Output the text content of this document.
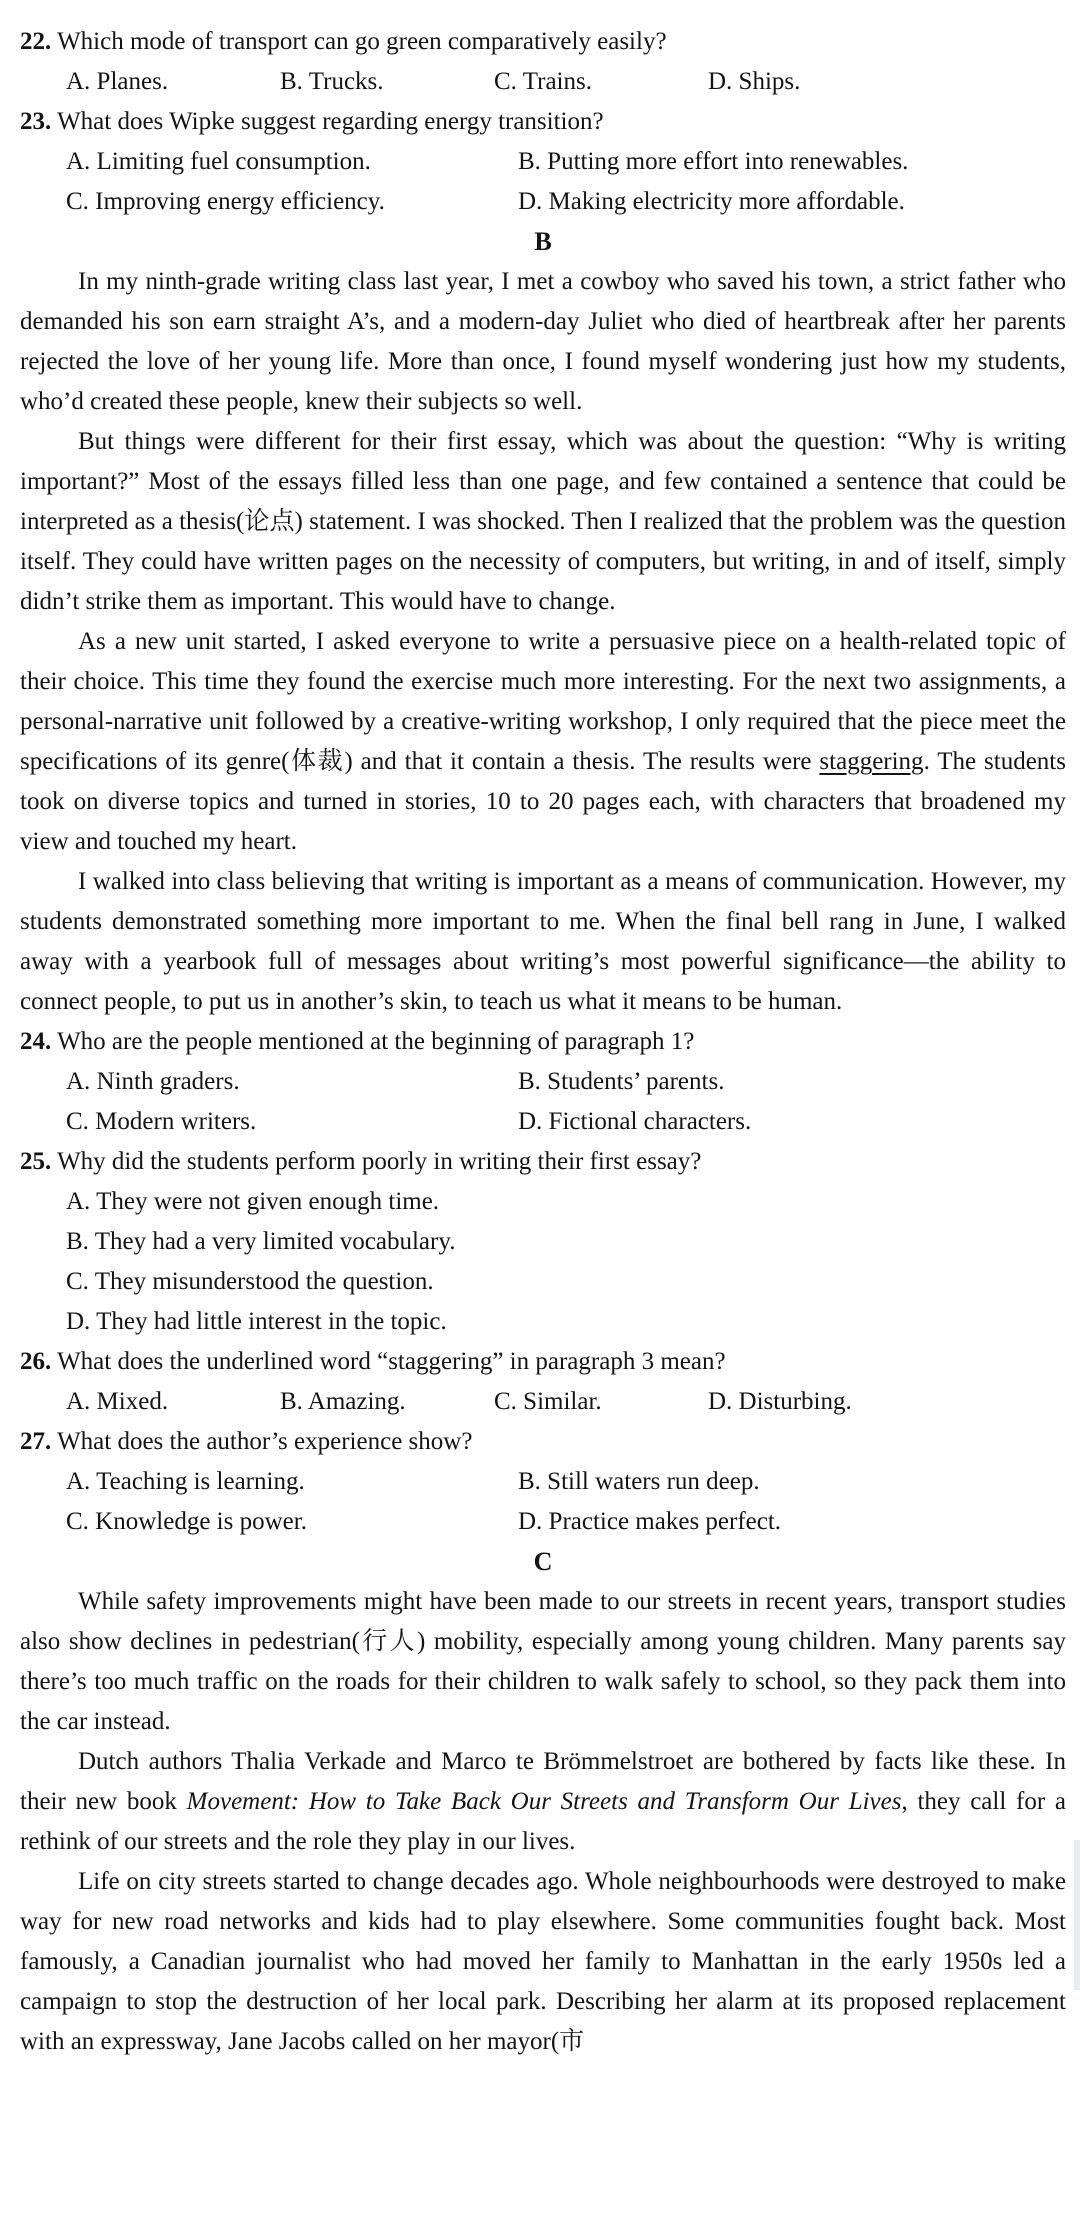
22. Which mode of transport can go green comparatively easily?
A. Planes.	B. Trucks.	C. Trains.	D. Ships.
23. What does Wipke suggest regarding energy transition?
A. Limiting fuel consumption.	B. Putting more effort into renewables.
C. Improving energy efficiency.	D. Making electricity more affordable.
B

In my ninth-grade writing class last year, I met a cowboy who saved his town, a strict father who demanded his son earn straight A’s, and a modern-day Juliet who died of heartbreak after her parents rejected the love of her young life. More than once, I found myself wondering just how my students, who’d created these people, knew their subjects so well.

But things were different for their first essay, which was about the question: “Why is writing important?” Most of the essays filled less than one page, and few contained a sentence that could be interpreted as a thesis(论点) statement. I was shocked. Then I realized that the problem was the question itself. They could have written pages on the necessity of computers, but writing, in and of itself, simply didn’t strike them as important. This would have to change.

As a new unit started, I asked everyone to write a persuasive piece on a health-related topic of their choice. This time they found the exercise much more interesting. For the next two assignments, a personal-narrative unit followed by a creative-writing workshop, I only required that the piece meet the specifications of its genre(体裁) and that it contain a thesis. The results were staggering. The students took on diverse topics and turned in stories, 10 to 20 pages each, with characters that broadened my view and touched my heart.

I walked into class believing that writing is important as a means of communication. However, my students demonstrated something more important to me. When the final bell rang in June, I walked away with a yearbook full of messages about writing’s most powerful significance—the ability to connect people, to put us in another’s skin, to teach us what it means to be human.

24. Who are the people mentioned at the beginning of paragraph 1?
A. Ninth graders.	B. Students’ parents.
C. Modern writers.	D. Fictional characters.
25. Why did the students perform poorly in writing their first essay?
A. They were not given enough time.
B. They had a very limited vocabulary.
C. They misunderstood the question.
D. They had little interest in the topic.
26. What does the underlined word “staggering” in paragraph 3 mean?
A. Mixed.	B. Amazing.	C. Similar.	D. Disturbing.
27. What does the author’s experience show?
A. Teaching is learning.	B. Still waters run deep.
C. Knowledge is power.	D. Practice makes perfect.
C

While safety improvements might have been made to our streets in recent years, transport studies also show declines in pedestrian(行人) mobility, especially among young children. Many parents say there’s too much traffic on the roads for their children to walk safely to school, so they pack them into the car instead.

Dutch authors Thalia Verkade and Marco te Brömmelstroet are bothered by facts like these. In their new book Movement: How to Take Back Our Streets and Transform Our Lives, they call for a rethink of our streets and the role they play in our lives.

Life on city streets started to change decades ago. Whole neighbourhoods were destroyed to make way for new road networks and kids had to play elsewhere. Some communities fought back. Most famously, a Canadian journalist who had moved her family to Manhattan in the early 1950s led a campaign to stop the destruction of her local park. Describing her alarm at its proposed replacement with an expressway, Jane Jacobs called on her mayor(市
